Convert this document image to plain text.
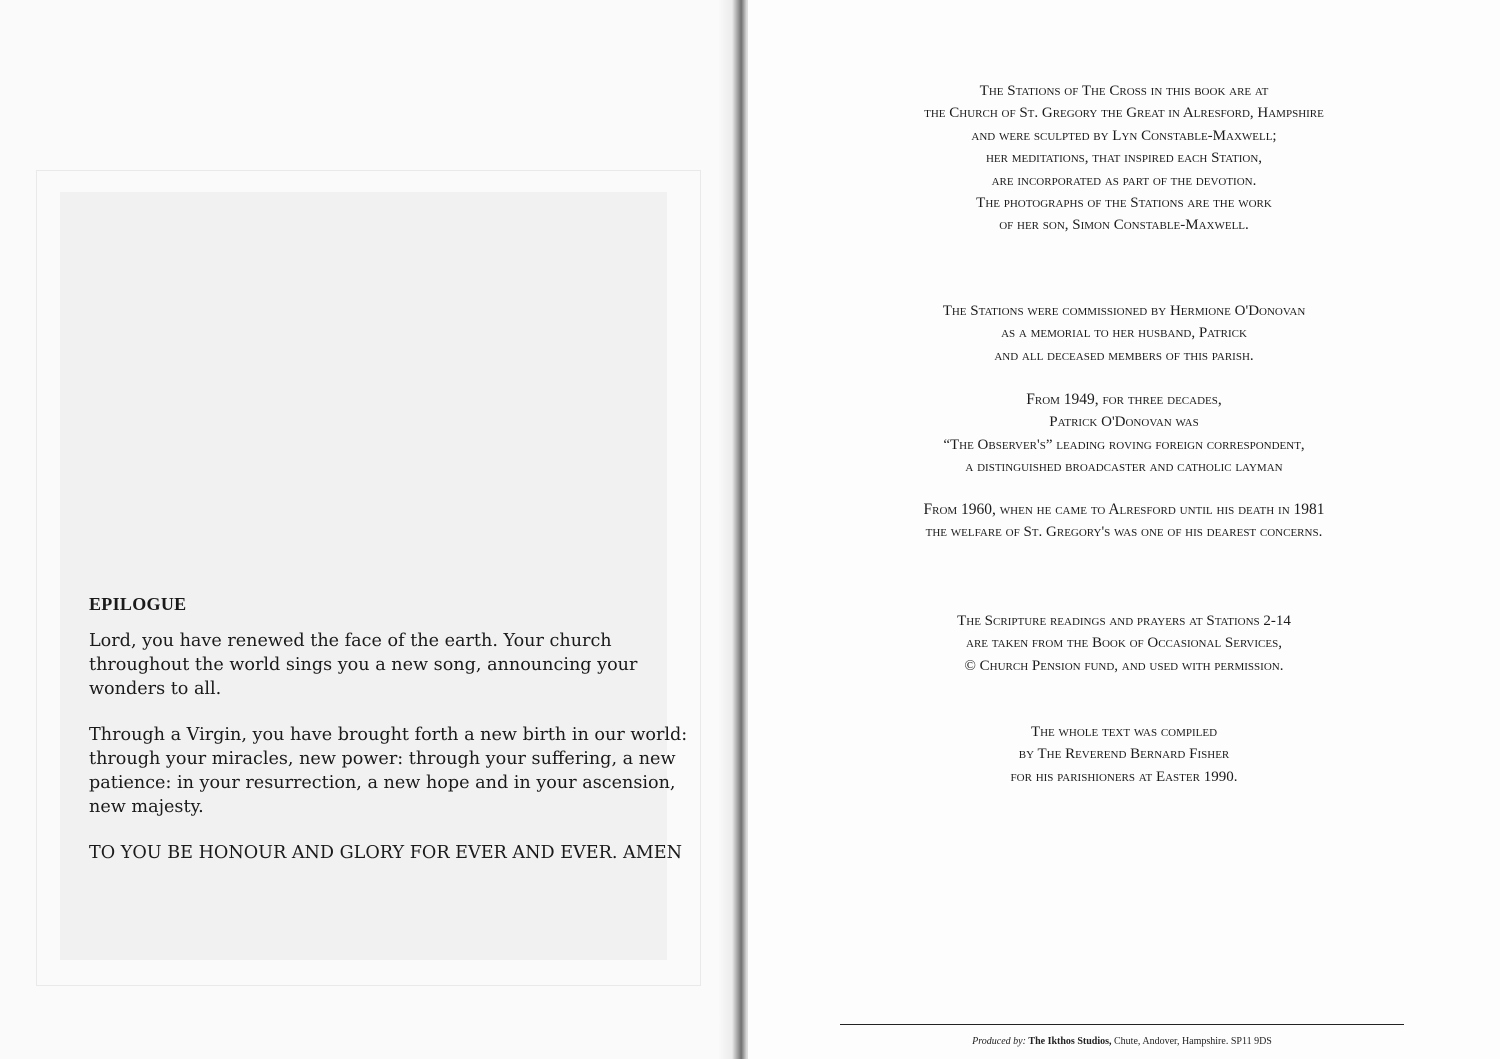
EPILOGUE

Lord, you have renewed the face of the earth. Your church throughout the world sings you a new song, announcing your wonders to all.

Through a Virgin, you have brought forth a new birth in our world: through your miracles, new power: through your suffering, a new patience: in your resurrection, a new hope and in your ascension, new majesty.

TO YOU BE HONOUR AND GLORY FOR EVER AND EVER. AMEN

The Stations of The Cross in this book are at
the Church of St. Gregory the Great in Alresford, Hampshire
and were sculpted by Lyn Constable-Maxwell;
her meditations, that inspired each Station,
are incorporated as part of the devotion.
The photographs of the Stations are the work
of her son, Simon Constable-Maxwell.
The Stations were commissioned by Hermione O'Donovan
as a memorial to her husband, Patrick
and all deceased members of this parish.
From 1949, for three decades,
Patrick O'Donovan was
“The Observer's” leading roving foreign correspondent,
a distinguished broadcaster and catholic layman
From 1960, when he came to Alresford until his death in 1981
the welfare of St. Gregory's was one of his dearest concerns.
The Scripture readings and prayers at Stations 2-14
are taken from the Book of Occasional Services,
© Church Pension fund, and used with permission.
The whole text was compiled
by The Reverend Bernard Fisher
for his parishioners at Easter 1990.
Produced by: The Ikthos Studios, Chute, Andover, Hampshire. SP11 9DS
